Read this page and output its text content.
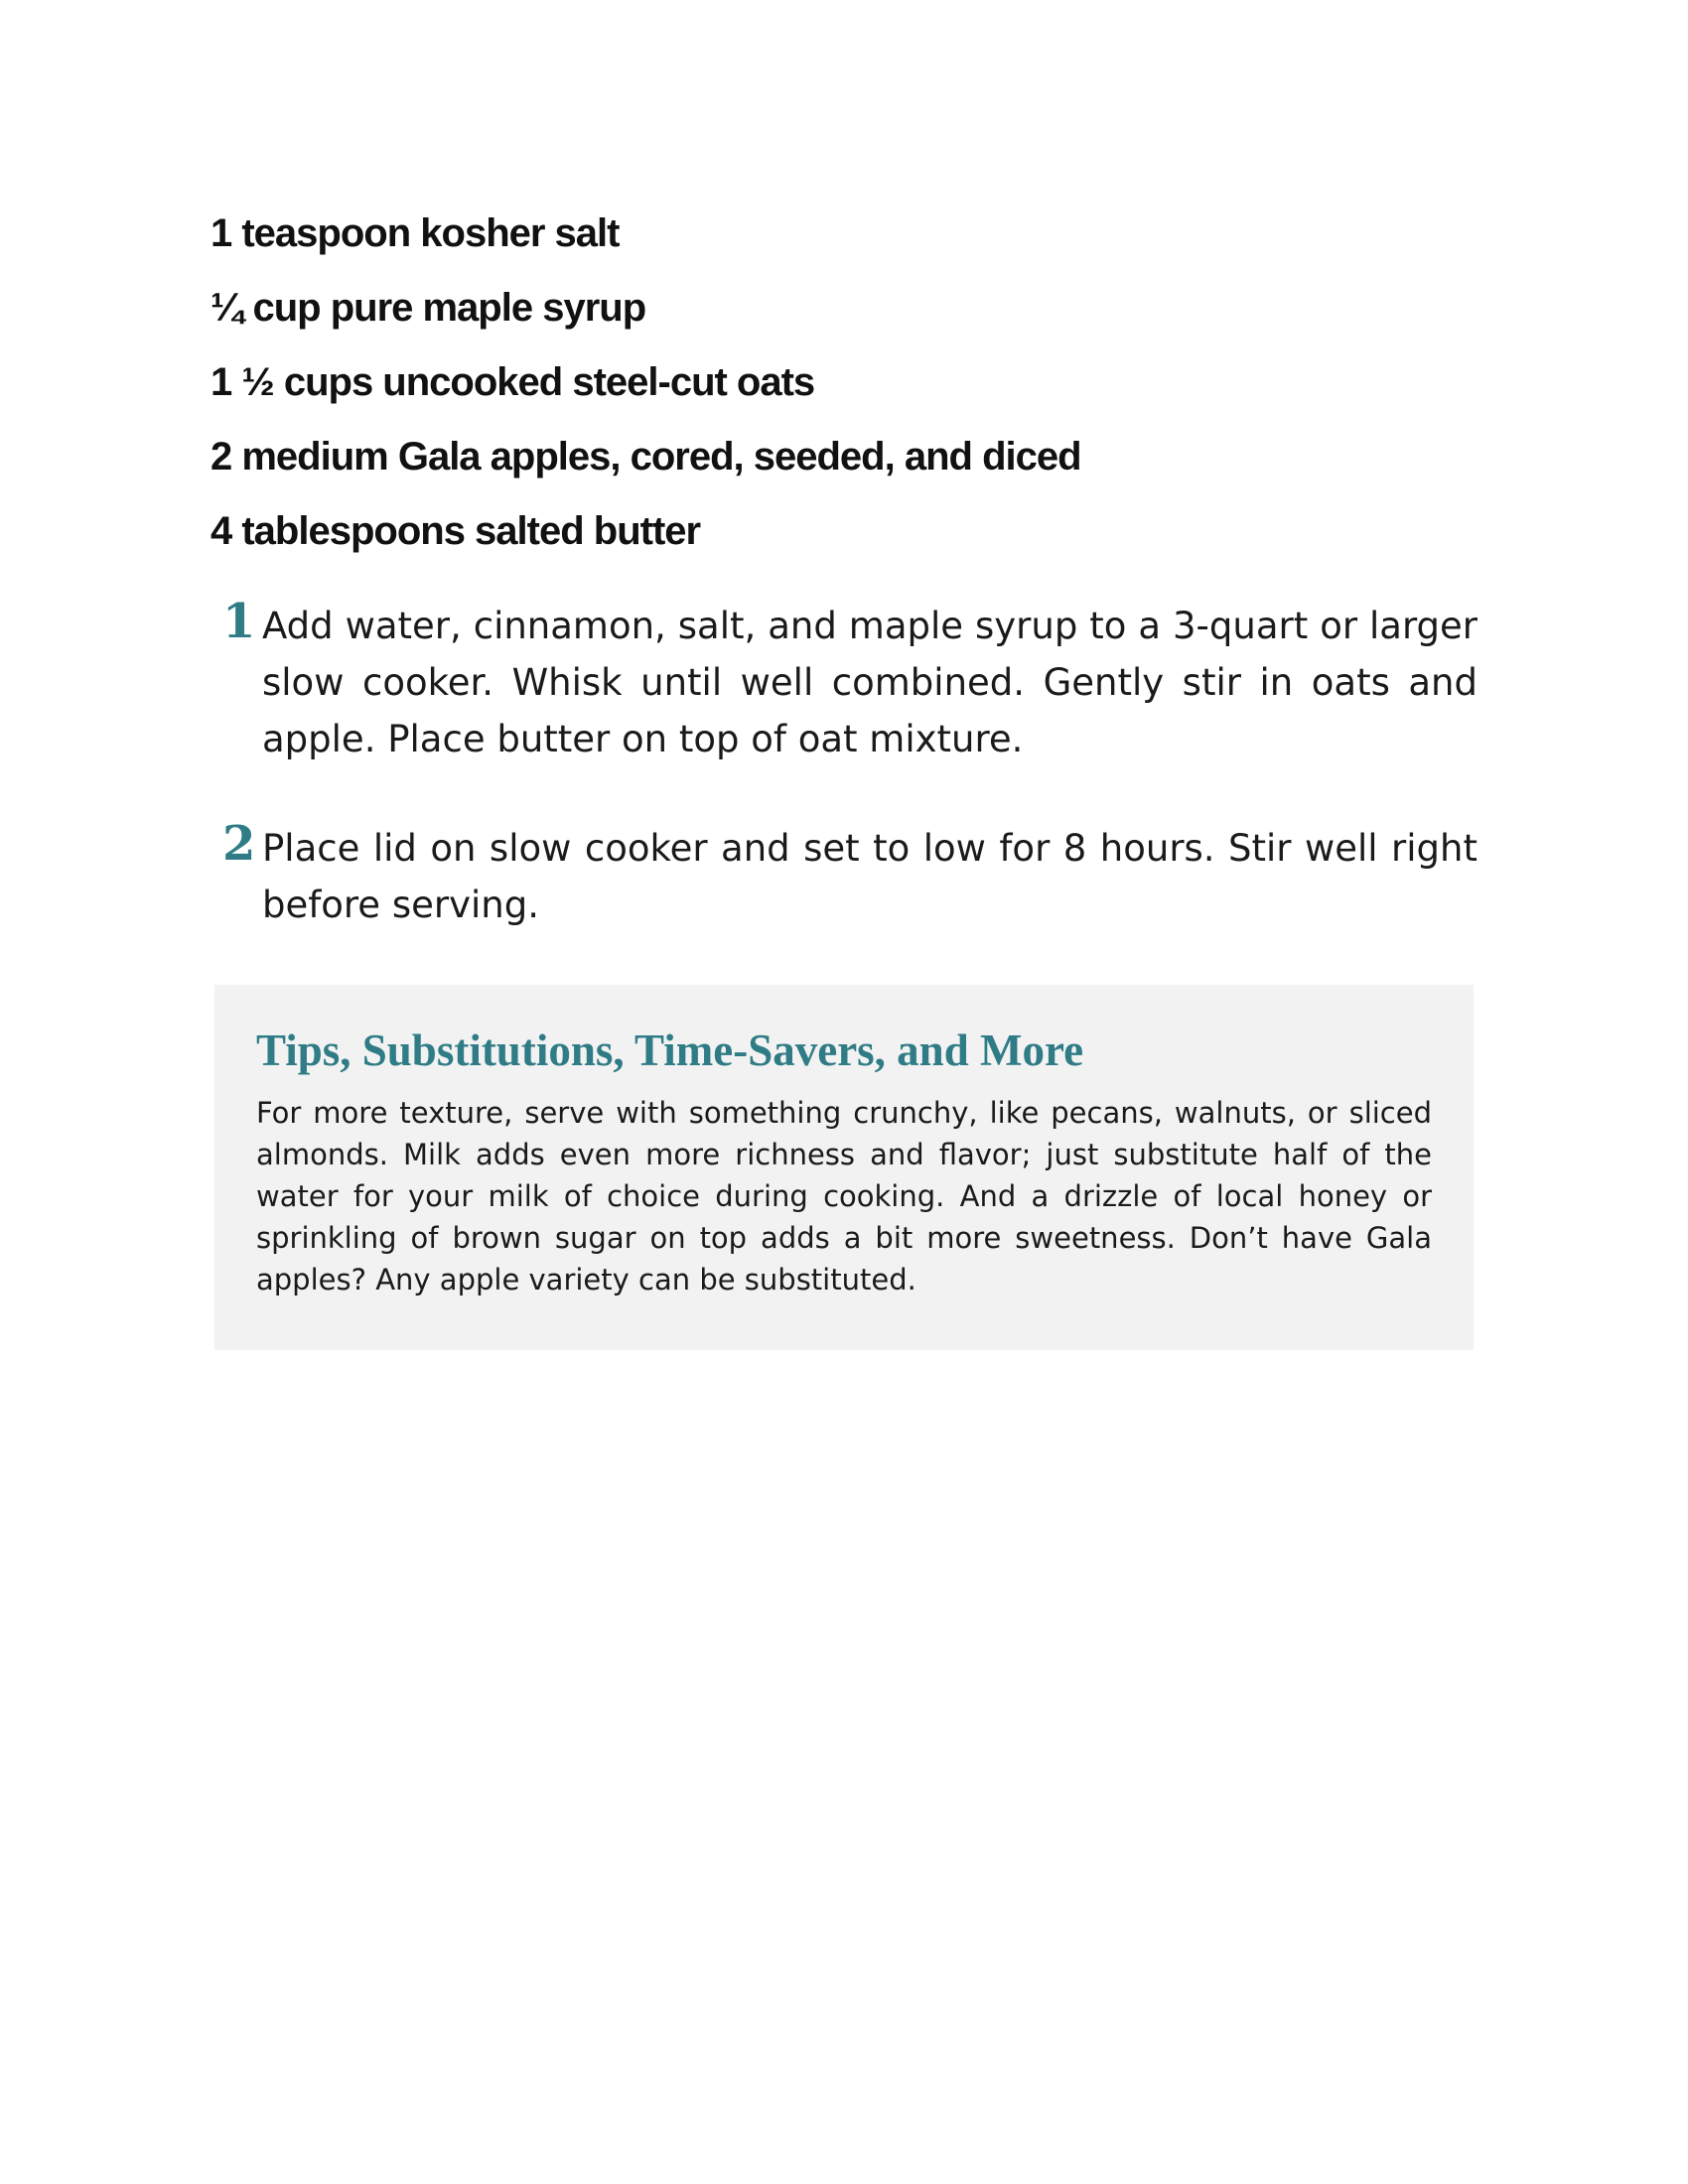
1 teaspoon kosher salt
¼ cup pure maple syrup
1 ½ cups uncooked steel-cut oats
2 medium Gala apples, cored, seeded, and diced
4 tablespoons salted butter
1 Add water, cinnamon, salt, and maple syrup to a 3-quart or larger slow cooker. Whisk until well combined. Gently stir in oats and apple. Place butter on top of oat mixture.
2 Place lid on slow cooker and set to low for 8 hours. Stir well right before serving.
Tips, Substitutions, Time-Savers, and More

For more texture, serve with something crunchy, like pecans, walnuts, or sliced almonds. Milk adds even more richness and flavor; just substitute half of the water for your milk of choice during cooking. And a drizzle of local honey or sprinkling of brown sugar on top adds a bit more sweetness. Don’t have Gala apples? Any apple variety can be substituted.
